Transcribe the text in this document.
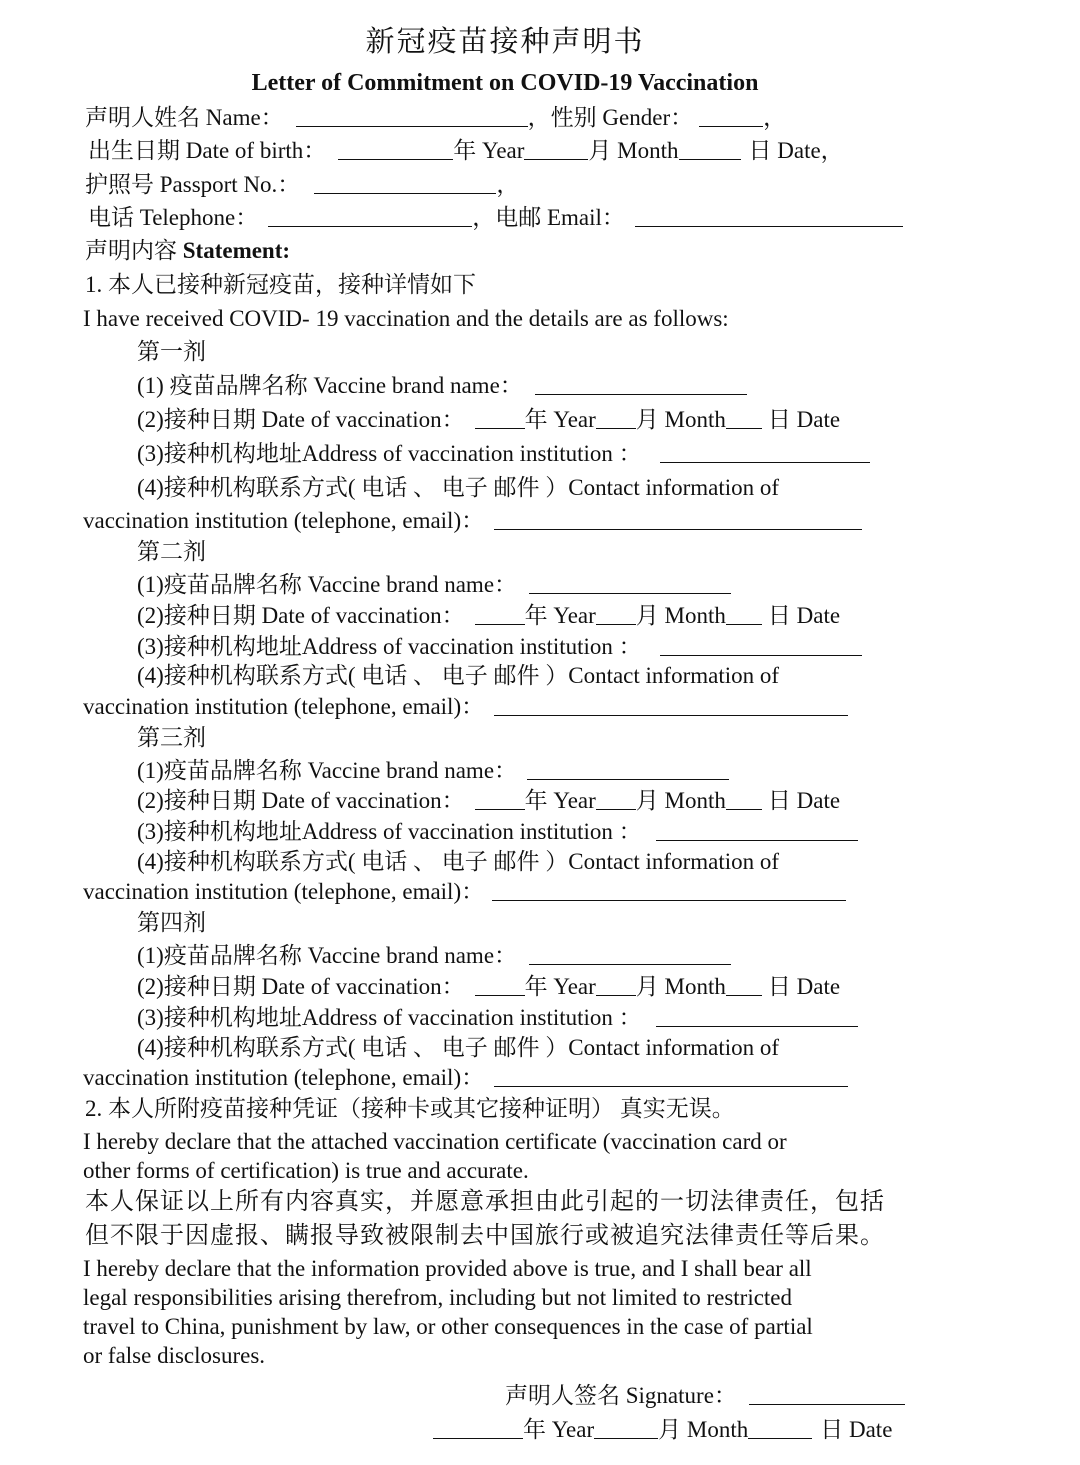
新冠疫苗接种声明书
Letter of Commitment on COVID-19 Vaccination
声明人姓名 Name：	，性别 Gender：	，
出生日期 Date of birth：	年 Year	月 Month	日 Date，
护照号 Passport No.：	，
电话 Telephone：	，电邮 Email：
声明内容 Statement:
1. 本人已接种新冠疫苗，接种详情如下
I have received COVID- 19 vaccination and the details are as follows:
第一剂
(1) 疫苗品牌名称 Vaccine brand name：
(2)接种日期 Date of vaccination：	年 Year 月 Month 日 Date
(3)接种机构地址Address of vaccination institution ：
(4)接种机构联系方式( 电话 、 电子 邮件 ）Contact information of
vaccination institution (telephone, email)：
第二剂
(1)疫苗品牌名称 Vaccine brand name：
(2)接种日期 Date of vaccination：	年 Year 月 Month 日 Date
(3)接种机构地址Address of vaccination institution ：
(4)接种机构联系方式( 电话 、 电子 邮件 ）Contact information of
vaccination institution (telephone, email)：
第三剂
(1)疫苗品牌名称 Vaccine brand name：
(2)接种日期 Date of vaccination：	年 Year 月 Month 日 Date
(3)接种机构地址Address of vaccination institution ：
(4)接种机构联系方式( 电话 、 电子 邮件 ）Contact information of
vaccination institution (telephone, email)：
第四剂
(1)疫苗品牌名称 Vaccine brand name：
(2)接种日期 Date of vaccination：	年 Year 月 Month 日 Date
(3)接种机构地址Address of vaccination institution ：
(4)接种机构联系方式( 电话 、 电子 邮件 ）Contact information of
vaccination institution (telephone, email)：
2. 本人所附疫苗接种凭证（接种卡或其它接种证明） 真实无误。
I hereby declare that the attached vaccination certificate (vaccination card or
other forms of certification) is true and accurate.
本人保证以上所有内容真实，并愿意承担由此引起的一切法律责任，包括
但不限于因虚报、瞒报导致被限制去中国旅行或被追究法律责任等后果。
I hereby declare that the information provided above is true, and I shall bear all
legal responsibilities arising therefrom, including but not limited to restricted
travel to China, punishment by law, or other consequences in the case of partial
or false disclosures.
声明人签名 Signature：
年 Year	月 Month	日 Date
